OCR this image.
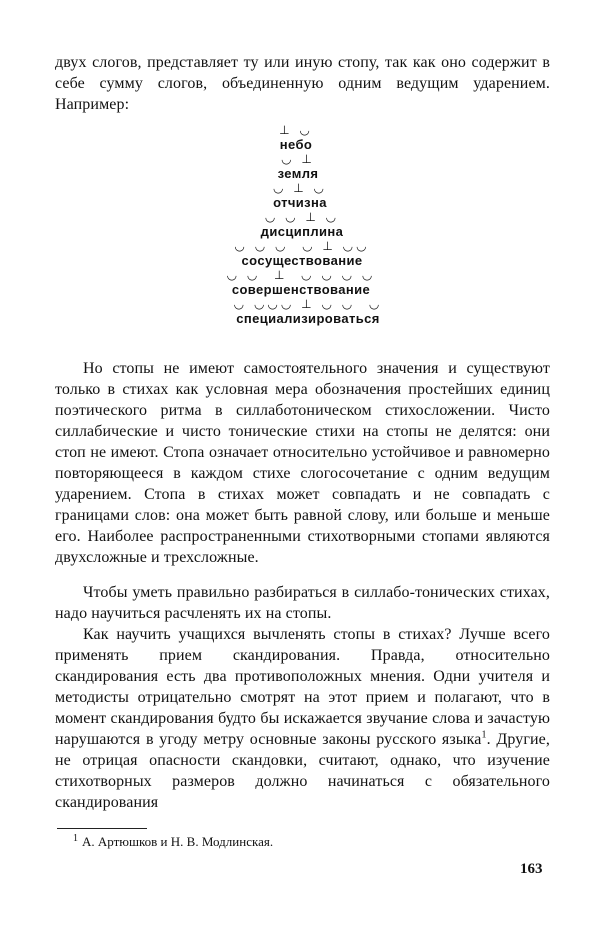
двух слогов, представляет ту или иную стопу, так как оно содержит в себе сумму слогов, объединенную одним ведущим ударением. Например:

⊥ ◡
небо
◡ ⊥
земля
◡ ⊥ ◡
отчизна
◡ ◡ ⊥ ◡
дисциплина
◡ ◡ ◡  ◡ ⊥ ◡◡
сосуществование
◡ ◡  ⊥  ◡ ◡ ◡ ◡
совершенствование
◡ ◡◡◡ ⊥ ◡ ◡  ◡
специализироваться

Но стопы не имеют самостоятельного значения и существуют только в стихах как условная мера обозначения простейших единиц поэтического ритма в силлаботоническом стихосложении. Чисто силлабические и чисто тонические стихи на стопы не делятся: они стоп не имеют. Стопа означает относительно устойчивое и равномерно повторяющееся в каждом стихе слогосочетание с одним ведущим ударением. Стопа в стихах может совпадать и не совпадать с границами слов: она может быть равной слову, или больше и меньше его. Наиболее распространенными стихотворными стопами являются двухсложные и трехсложные.

Чтобы уметь правильно разбираться в силлабо-тонических стихах, надо научиться расчленять их на стопы.

Как научить учащихся вычленять стопы в стихах? Лучше всего применять прием скандирования. Правда, относительно скандирования есть два противоположных мнения. Одни учителя и методисты отрицательно смотрят на этот прием и полагают, что в момент скандирования будто бы искажается звучание слова и зачастую нарушаются в угоду метру основные законы русского языка$^1$. Другие, не отрицая опасности скандовки, считают, однако, что изучение стихотворных размеров должно начинаться с обязательного скандирования

$^1$ А. Артюшков и Н. В. Модлинская.

163
